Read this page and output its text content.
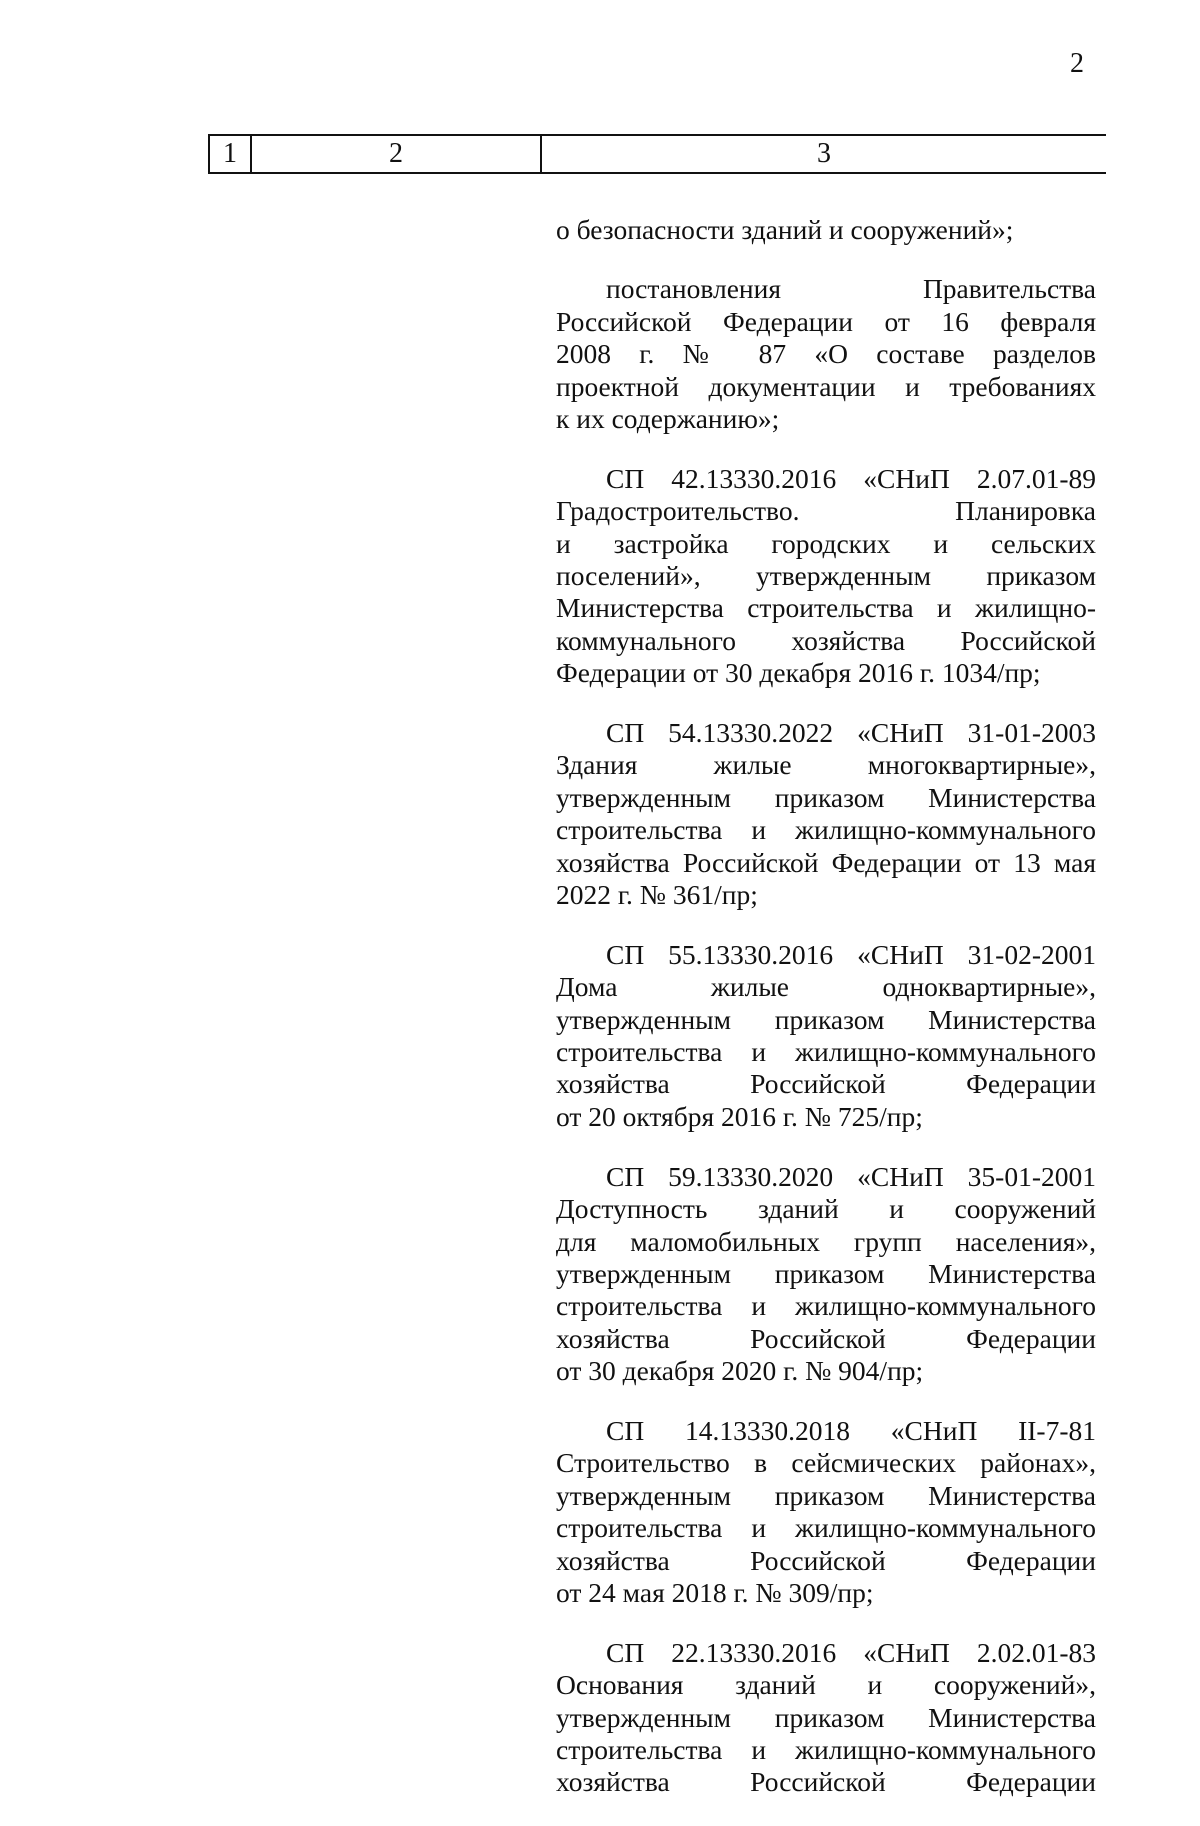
2
1	2	3

о безопасности зданий и сооружений»;

постановления Правительства
Российской Федерации от 16 февраля
2008 г. № 87 «О составе разделов
проектной документации и требованиях
к их содержанию»;

СП 42.13330.2016 «СНиП 2.07.01-89
Градостроительство. Планировка
и застройка городских и сельских
поселений», утвержденным приказом
Министерства строительства и жилищно-
коммунального хозяйства Российской
Федерации от 30 декабря 2016 г. 1034/пр;

СП 54.13330.2022 «СНиП 31-01-2003
Здания жилые многоквартирные»,
утвержденным приказом Министерства
строительства и жилищно-коммунального
хозяйства Российской Федерации от 13 мая
2022 г. № 361/пр;

СП 55.13330.2016 «СНиП 31-02-2001
Дома жилые одноквартирные»,
утвержденным приказом Министерства
строительства и жилищно-коммунального
хозяйства Российской Федерации
от 20 октября 2016 г. № 725/пр;

СП 59.13330.2020 «СНиП 35-01-2001
Доступность зданий и сооружений
для маломобильных групп населения»,
утвержденным приказом Министерства
строительства и жилищно-коммунального
хозяйства Российской Федерации
от 30 декабря 2020 г. № 904/пр;

СП 14.13330.2018 «СНиП II-7-81
Строительство в сейсмических районах»,
утвержденным приказом Министерства
строительства и жилищно-коммунального
хозяйства Российской Федерации
от 24 мая 2018 г. № 309/пр;

СП 22.13330.2016 «СНиП 2.02.01-83
Основания зданий и сооружений»,
утвержденным приказом Министерства
строительства и жилищно-коммунального
хозяйства Российской Федерации
